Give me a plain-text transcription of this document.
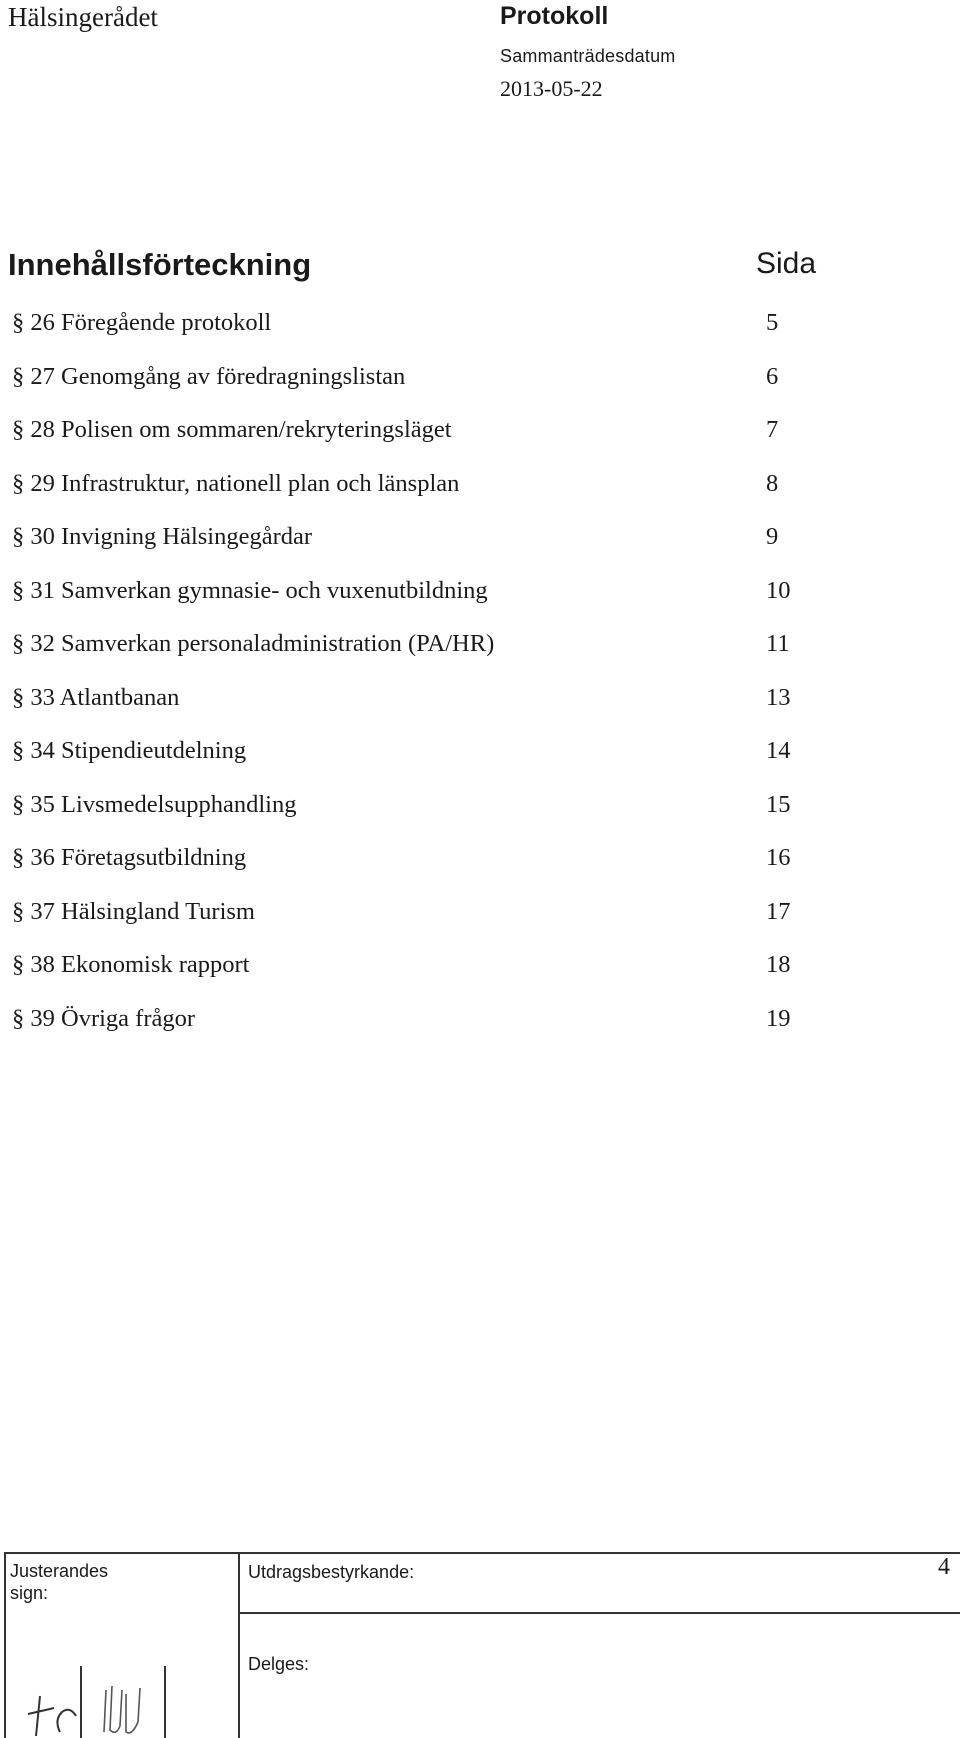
Hälsingerådet	Protokoll
Sammanträdesdatum
2013-05-22
Innehållsförteckning	Sida
§ 26 Föregående protokoll	5
§ 27 Genomgång av föredragningslistan	6
§ 28 Polisen om sommaren/rekryteringsläget	7
§ 29 Infrastruktur, nationell plan och länsplan	8
§ 30 Invigning Hälsingegårdar	9
§ 31 Samverkan gymnasie- och vuxenutbildning	10
§ 32 Samverkan personaladministration (PA/HR)	11
§ 33 Atlantbanan	13
§ 34 Stipendieutdelning	14
§ 35 Livsmedelsupphandling	15
§ 36 Företagsutbildning	16
§ 37 Hälsingland Turism	17
§ 38 Ekonomisk rapport	18
§ 39 Övriga frågor	19
Justerandes sign:
Utdragsbestyrkande:	4
Delges:
